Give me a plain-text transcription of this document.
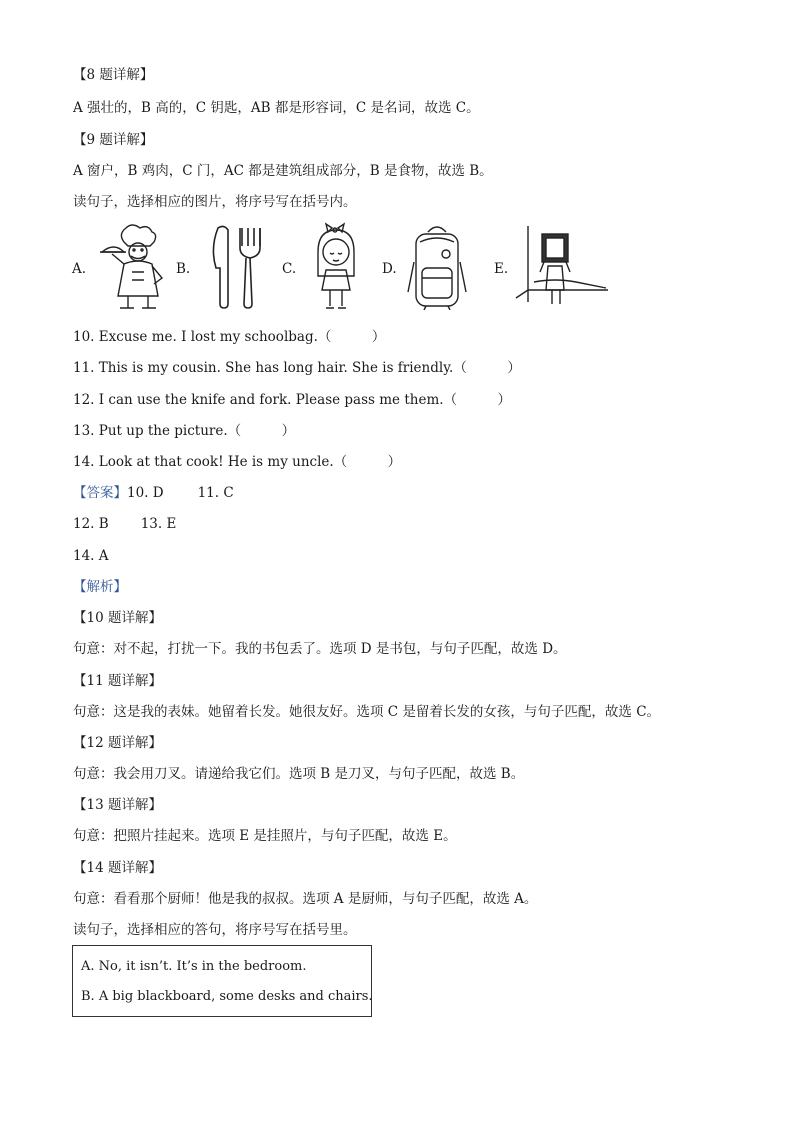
【8 题详解】
A 强壮的，B 高的，C 钥匙，AB 都是形容词，C 是名词，故选 C。
【9 题详解】
A 窗户，B 鸡肉，C 门，AC 都是建筑组成部分，B 是食物，故选 B。
读句子，选择相应的图片，将序号写在括号内。
A.	B.	C.	D.	E.
10. Excuse me. I lost my schoolbag.（　　　）
11. This is my cousin. She has long hair. She is friendly.（　　　）
12. I can use the knife and fork. Please pass me them.（　　　）
13. Put up the picture.（　　　）
14. Look at that cook! He is my uncle.（　　　）
【答案】10. D	11. C
12. B 13. E
14. A
【解析】
【10 题详解】
句意：对不起，打扰一下。我的书包丢了。选项 D 是书包，与句子匹配，故选 D。
【11 题详解】
句意：这是我的表妹。她留着长发。她很友好。选项 C 是留着长发的女孩，与句子匹配，故选 C。
【12 题详解】
句意：我会用刀叉。请递给我它们。选项 B 是刀叉，与句子匹配，故选 B。
【13 题详解】
句意：把照片挂起来。选项 E 是挂照片，与句子匹配，故选 E。
【14 题详解】
句意：看看那个厨师！他是我的叔叔。选项 A 是厨师，与句子匹配，故选 A。
读句子，选择相应的答句，将序号写在括号里。
A. No, it isn’t. It’s in the bedroom.
B. A big blackboard, some desks and chairs.
